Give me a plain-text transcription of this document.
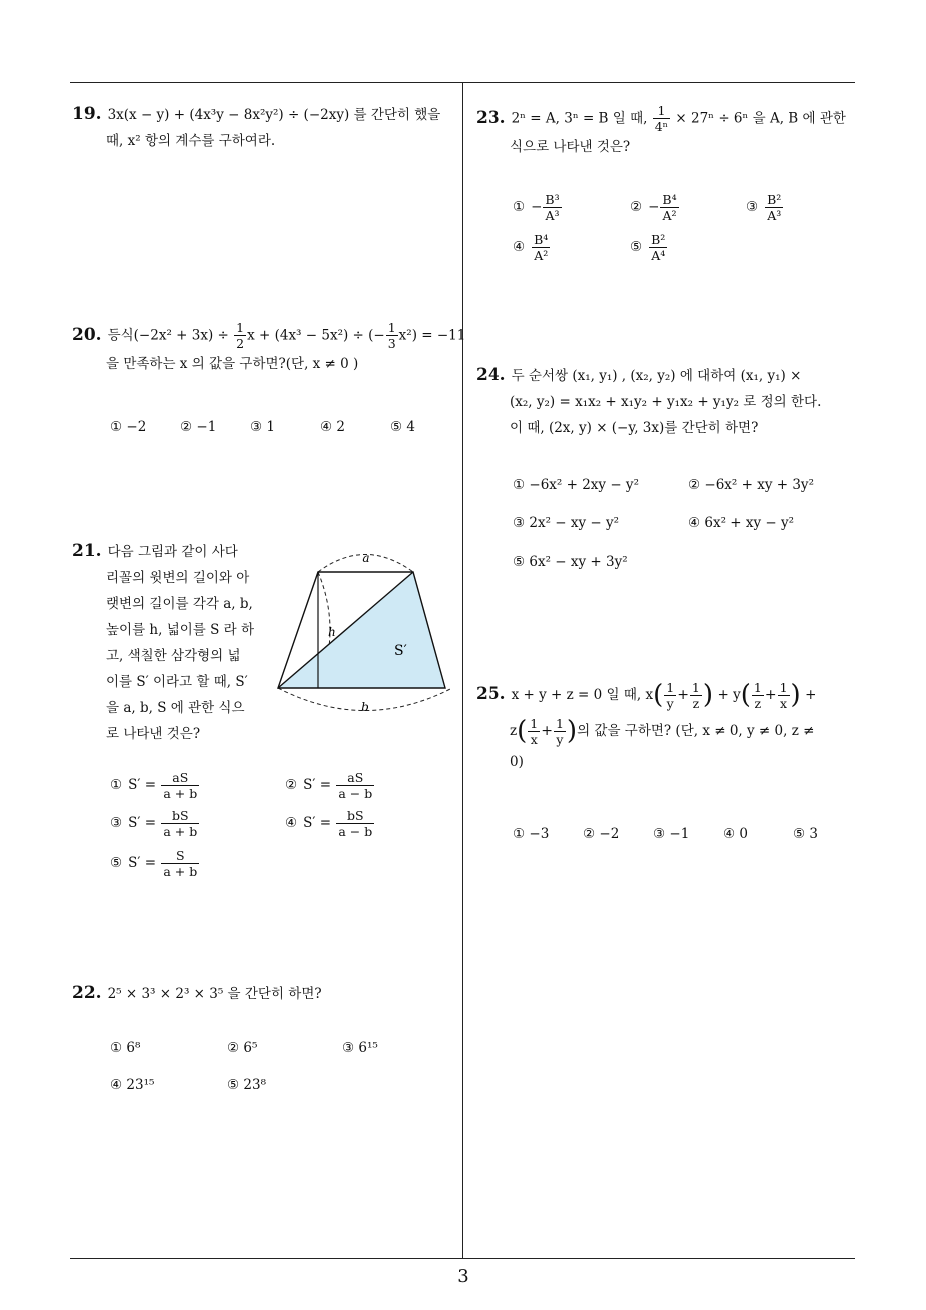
19. 3x(x − y) + (4x³y − 8x²y²) ÷ (−2xy) 를 간단히 했을
때, x² 항의 계수를 구하여라.
20. 등식$(-2x^2 + 3x) \div \frac{1}{2}$ x + (4x³ − 5x²) ÷ (− $\frac{1}{3} x^2) = -11$
을 만족하는 x 의 값을 구하면?(단, x ≠ 0 )
① −2 ② −1 ③ 1	④ 2	⑤ 4
21. 다음 그림과 같이 사다
리꼴의 윗변의 길이와 아
랫변의 길이를 각각 a, b,
높이를 h, 넓이를 S 라 하
고, 색칠한 삼각형의 넓
이를 S′ 이라고 할 때, S′
을 a, b, S 에 관한 식으
로 나타낸 것은?
a
b
h
S′
① $S' = \frac{aS}{a + b}$	② $S' = \frac{aS}{a - b}$
③ $S' = \frac{bS}{a + b}$	④ $S' = \frac{bS}{a - b}$
⑤ $S' = \frac{S}{a + b}$
22. 2⁵ × 3³ × 2³ × 3⁵ 을 간단히 하면?
① 6⁸	② 6⁵	③ 6¹⁵
④ 23¹⁵	⑤ 23⁸
23. 2ⁿ = A, 3ⁿ = B 일 때, $\frac{1}{\text{4ⁿ}} \times 27^n \div 6^n$ 을 A, B 에 관한
식으로 나타낸 것은?
① − $\frac{\text{B³}}{\text{A³}}$	② − $\frac{\text{B⁴}}{\text{A²}}$	③ $\frac{\text{B²}}{\text{A³}}$
④ $\frac{\text{B⁴}}{\text{A²}}$	⑤ $\frac{\text{B²}}{\text{A⁴}}$
24. 두 순서쌍 (x₁, y₁) , (x₂, y₂) 에 대하여 (x₁, y₁) ×
(x₂, y₂) = x₁x₂ + x₁y₂ + y₁x₂ + y₁y₂ 로 정의 한다.
이 때, (2x, y) × (−y, 3x)를 간단히 하면?
① −6x² + 2xy − y²	② −6x² + xy + 3y²
③ 2x² − xy − y²	④ 6x² + xy − y²
⑤ 6x² − xy + 3y²
25. x + y + z = 0 일 때, $x( \frac{1}{y} + \frac{1}{z}$ ) + $y( \frac{1}{z} + \frac{1}{x}$ ) +
$z( \frac{1}{x} + \frac{1}{y}$ )의 값을 구하면? (단, x ≠ 0, y ≠ 0, z ≠
0)
① −3 ② −2 ③ −1 ④ 0	⑤ 3
3
